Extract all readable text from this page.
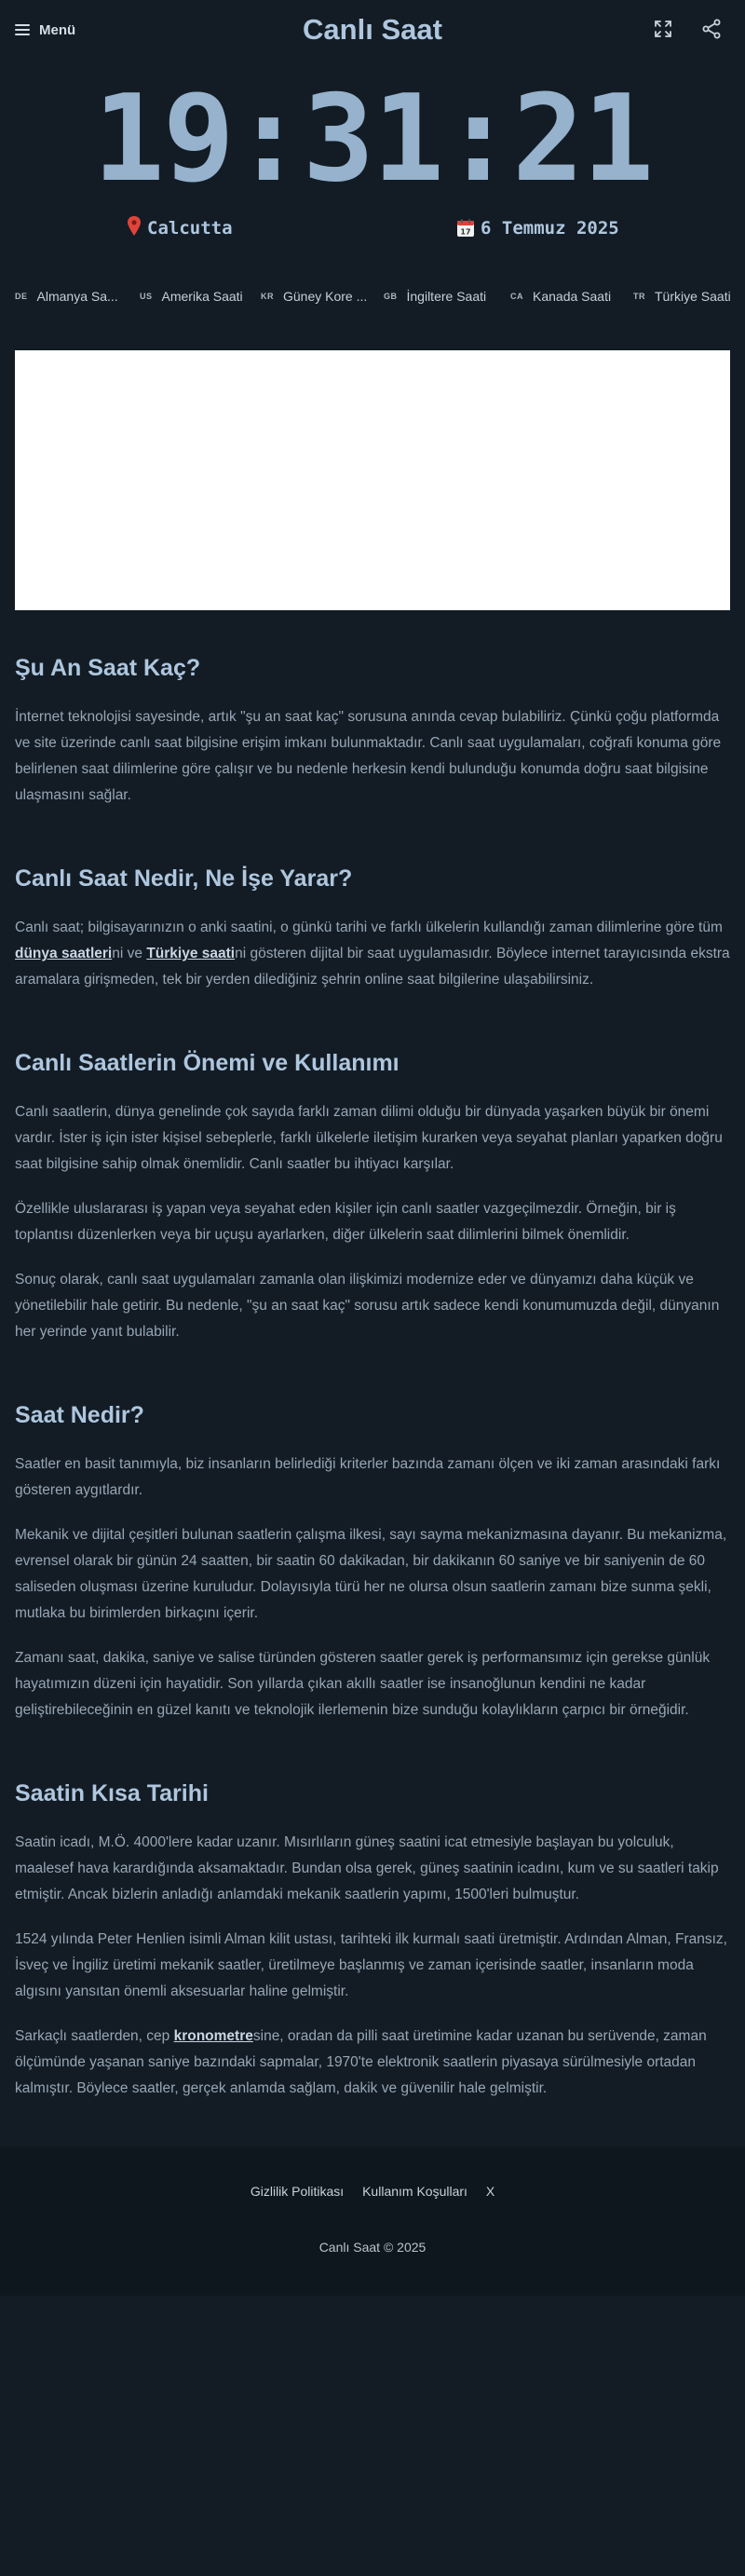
Menü	Canlı Saat
19:31:21
Calcutta	17 6 Temmuz 2025
DE Almanya Sa...	US Amerika Saati KR Güney Kore ... GB İngiltere Saati	CA Kanada Saati	TR Türkiye Saati
Şu An Saat Kaç?

İnternet teknolojisi sayesinde, artık "şu an saat kaç" sorusuna anında cevap bulabiliriz. Çünkü çoğu platformda ve site üzerinde canlı saat bilgisine erişim imkanı bulunmaktadır. Canlı saat uygulamaları, coğrafi konuma göre belirlenen saat dilimlerine göre çalışır ve bu nedenle herkesin kendi bulunduğu konumda doğru saat bilgisine ulaşmasını sağlar.

Canlı Saat Nedir, Ne İşe Yarar?

Canlı saat; bilgisayarınızın o anki saatini, o günkü tarihi ve farklı ülkelerin kullandığı zaman dilimlerine göre tüm dünya saatlerini ve Türkiye saatini gösteren dijital bir saat uygulamasıdır. Böylece internet tarayıcısında ekstra aramalara girişmeden, tek bir yerden dilediğiniz şehrin online saat bilgilerine ulaşabilirsiniz.

Canlı Saatlerin Önemi ve Kullanımı

Canlı saatlerin, dünya genelinde çok sayıda farklı zaman dilimi olduğu bir dünyada yaşarken büyük bir önemi vardır. İster iş için ister kişisel sebeplerle, farklı ülkelerle iletişim kurarken veya seyahat planları yaparken doğru saat bilgisine sahip olmak önemlidir. Canlı saatler bu ihtiyacı karşılar.

Özellikle uluslararası iş yapan veya seyahat eden kişiler için canlı saatler vazgeçilmezdir. Örneğin, bir iş toplantısı düzenlerken veya bir uçuşu ayarlarken, diğer ülkelerin saat dilimlerini bilmek önemlidir.

Sonuç olarak, canlı saat uygulamaları zamanla olan ilişkimizi modernize eder ve dünyamızı daha küçük ve yönetilebilir hale getirir. Bu nedenle, "şu an saat kaç" sorusu artık sadece kendi konumumuzda değil, dünyanın her yerinde yanıt bulabilir.

Saat Nedir?

Saatler en basit tanımıyla, biz insanların belirlediği kriterler bazında zamanı ölçen ve iki zaman arasındaki farkı gösteren aygıtlardır.

Mekanik ve dijital çeşitleri bulunan saatlerin çalışma ilkesi, sayı sayma mekanizmasına dayanır. Bu mekanizma, evrensel olarak bir günün 24 saatten, bir saatin 60 dakikadan, bir dakikanın 60 saniye ve bir saniyenin de 60 saliseden oluşması üzerine kuruludur. Dolayısıyla türü her ne olursa olsun saatlerin zamanı bize sunma şekli, mutlaka bu birimlerden birkaçını içerir.

Zamanı saat, dakika, saniye ve salise türünden gösteren saatler gerek iş performansımız için gerekse günlük hayatımızın düzeni için hayatidir. Son yıllarda çıkan akıllı saatler ise insanoğlunun kendini ne kadar geliştirebileceğinin en güzel kanıtı ve teknolojik ilerlemenin bize sunduğu kolaylıkların çarpıcı bir örneğidir.

Saatin Kısa Tarihi

Saatin icadı, M.Ö. 4000'lere kadar uzanır. Mısırlıların güneş saatini icat etmesiyle başlayan bu yolculuk, maalesef hava karardığında aksamaktadır. Bundan olsa gerek, güneş saatinin icadını, kum ve su saatleri takip etmiştir. Ancak bizlerin anladığı anlamdaki mekanik saatlerin yapımı, 1500'leri bulmuştur.

1524 yılında Peter Henlien isimli Alman kilit ustası, tarihteki ilk kurmalı saati üretmiştir. Ardından Alman, Fransız, İsveç ve İngiliz üretimi mekanik saatler, üretilmeye başlanmış ve zaman içerisinde saatler, insanların moda algısını yansıtan önemli aksesuarlar haline gelmiştir.

Sarkaçlı saatlerden, cep kronometresine, oradan da pilli saat üretimine kadar uzanan bu serüvende, zaman ölçümünde yaşanan saniye bazındaki sapmalar, 1970'te elektronik saatlerin piyasaya sürülmesiyle ortadan kalmıştır. Böylece saatler, gerçek anlamda sağlam, dakik ve güvenilir hale gelmiştir.

Gizlilik Politikası Kullanım Koşulları X
Canlı Saat © 2025
